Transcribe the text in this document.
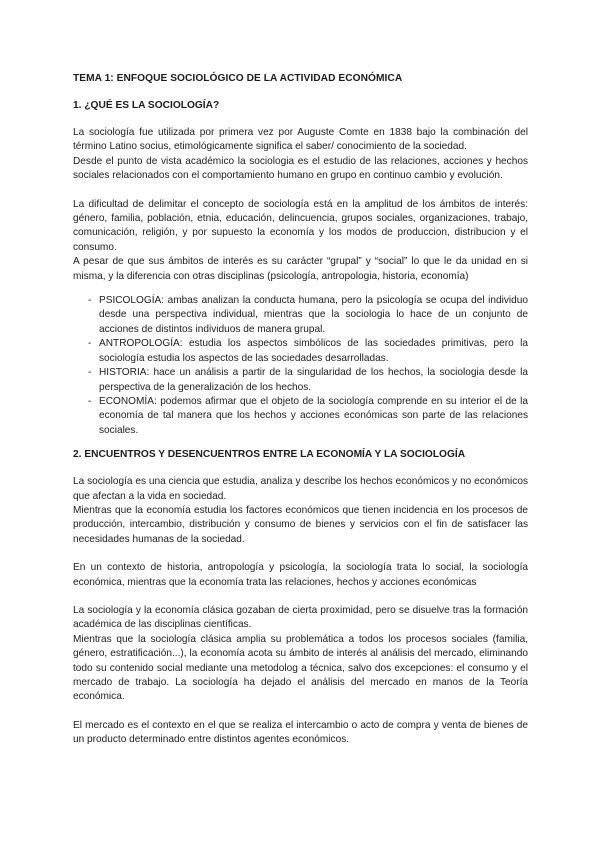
TEMA 1: ENFOQUE SOCIOLÓGICO DE LA ACTIVIDAD ECONÓMICA
1. ¿QUÉ ES LA SOCIOLOGÍA?

La sociología fue utilizada por primera vez por Auguste Comte en 1838 bajo la combinación del término Latino socius, etimológicamente significa el saber/ conocimiento de la sociedad.

Desde el punto de vista académico la sociologia es el estudio de las relaciones, acciones y hechos sociales relacionados con el comportamiento humano en grupo en continuo cambio y evolución.

La dificultad de delimitar el concepto de sociología está en la amplitud de los ámbitos de interés: género, familia, población, etnia, educación, delincuencia, grupos sociales, organizaciones, trabajo, comunicación, religión, y por supuesto la economía y los modos de produccion, distribucion y el consumo.

A pesar de que sus ámbitos de interés es su carácter “grupal” y “social” lo que le da unidad en si misma, y la diferencia con otras disciplinas (psicología, antropologia, historia, economía)

- PSICOLOGÍA: ambas analizan la conducta humana, pero la psicología se ocupa del individuo desde una perspectiva individual, mientras que la sociologia lo hace de un conjunto de acciones de distintos individuos de manera grupal.
- ANTROPOLOGÍA: estudia los aspectos simbólicos de las sociedades primitivas, pero la sociología estudia los aspectos de las sociedades desarrolladas.
- HISTORIA: hace un análisis a partir de la singularidad de los hechos, la sociologia desde la perspectiva de la generalización de los hechos.
- ECONOMÍA: podemos afirmar que el objeto de la sociología comprende en su interior el de la economía de tal manera que los hechos y acciones económicas son parte de las relaciones sociales.
2. ENCUENTROS Y DESENCUENTROS ENTRE LA ECONOMÍA Y LA SOCIOLOGÍA

La sociología es una ciencia que estudia, analiza y describe los hechos económicos y no económicos que afectan a la vida en sociedad.

Mientras que la economía estudia los factores económicos que tienen incidencia en los procesos de producción, intercambio, distribución y consumo de bienes y servicios con el fin de satisfacer las necesidades humanas de la sociedad.

En un contexto de historia, antropología y psicología, la sociología trata lo social, la sociología económica, mientras que la economía trata las relaciones, hechos y acciones económicas

La sociología y la economía clásica gozaban de cierta proximidad, pero se disuelve tras la formación académica de las disciplinas científicas.

Mientras que la sociología clásica amplia su problemática a todos los procesos sociales (familia, género, estratificación...), la economía acota su ámbito de interés al análisis del mercado, eliminando todo su contenido social mediante una metodolog a técnica, salvo dos excepciones: el consumo y el mercado de trabajo. La sociología ha dejado el análisis del mercado en manos de la Teoría económica.

El mercado es el contexto en el que se realiza el intercambio o acto de compra y venta de bienes de un producto determinado entre distintos agentes económicos.
